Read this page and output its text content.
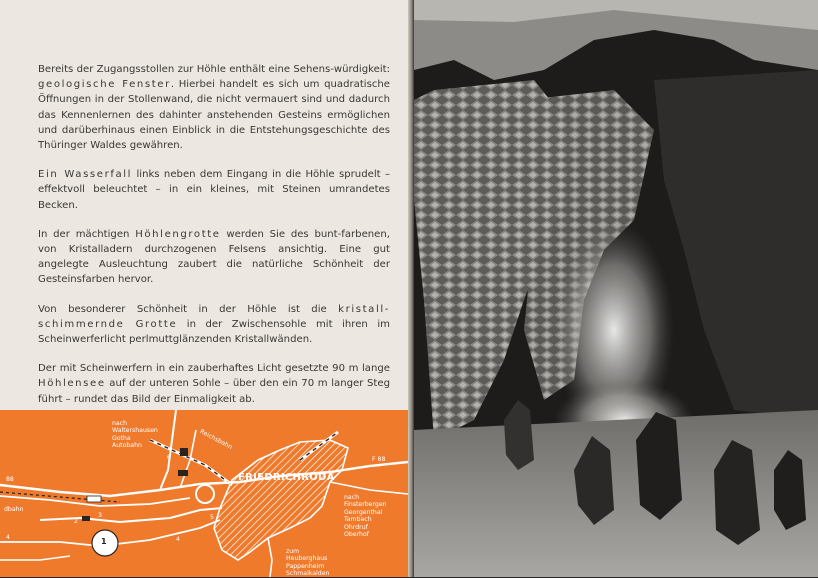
Bereits der Zugangsstollen zur Höhle enthält eine Sehens-würdigkeit: geologische Fenster. Hierbei handelt es sich um quadratische Öffnungen in der Stollenwand, die nicht vermauert sind und dadurch das Kennenlernen des dahinter anstehenden Gesteins ermöglichen und darüberhinaus einen Einblick in die Entstehungsgeschichte des Thüringer Waldes gewähren.

Ein Wasserfall links neben dem Eingang in die Höhle sprudelt – effektvoll beleuchtet – in ein kleines, mit Steinen umrandetes Becken.

In der mächtigen Höhlengrotte werden Sie des bunt-farbenen, von Kristalladern durchzogenen Felsens ansichtig. Eine gut angelegte Ausleuchtung zaubert die natürliche Schönheit der Gesteinsfarben hervor.

Von besonderer Schönheit in der Höhle ist die kristall-schimmernde Grotte in der Zwischensohle mit ihren im Scheinwerferlicht perlmuttglänzenden Kristallwänden.

Der mit Scheinwerfern in ein zauberhaftes Licht gesetzte 90 m lange Höhlensee auf der unteren Sohle – über den ein 70 m langer Steg führt – rundet das Bild der Einmaligkeit ab.

nach
Waltershausen
Gotha
Autobahn	Reichsbahn
FRIEDRICHRODA
F 88
88
dbahn
nach
Finsterbergen
Georgenthal
Tambach
Ohrdruf
Oberhof
zum
Heuberghaus
Pappenheim
Schmalkalden
1
2
3
4	4
5
6
